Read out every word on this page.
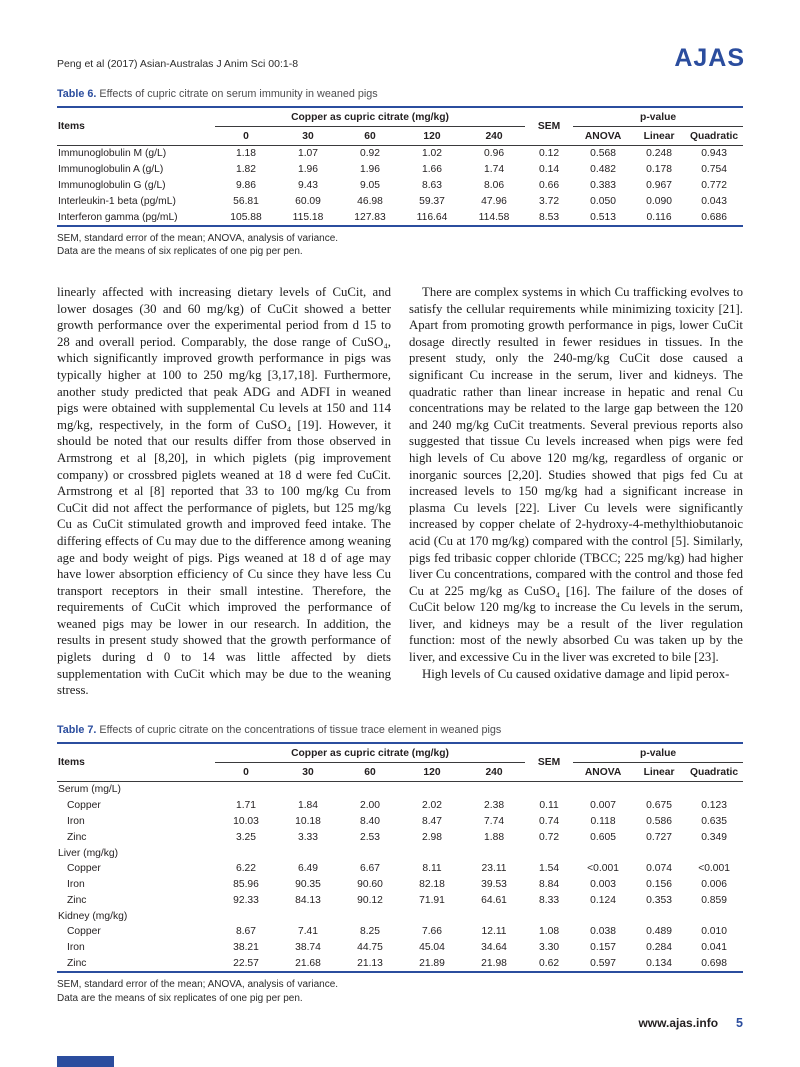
Peng et al (2017) Asian-Australas J Anim Sci 00:1-8	AJAS

Table 6. Effects of cupric citrate on serum immunity in weaned pigs

Items	Copper as cupric citrate (mg/kg)					SEM	p-value		
	0	30	60	120	240		ANOVA	Linear	Quadratic
Immunoglobulin M (g/L)	1.18	1.07	0.92	1.02	0.96	0.12	0.568	0.248	0.943
Immunoglobulin A (g/L)	1.82	1.96	1.96	1.66	1.74	0.14	0.482	0.178	0.754
Immunoglobulin G (g/L)	9.86	9.43	9.05	8.63	8.06	0.66	0.383	0.967	0.772
Interleukin-1 beta (pg/mL)	56.81	60.09	46.98	59.37	47.96	3.72	0.050	0.090	0.043
Interferon gamma (pg/mL)	105.88	115.18	127.83	116.64	114.58	8.53	0.513	0.116	0.686
SEM, standard error of the mean; ANOVA, analysis of variance.
Data are the means of six replicates of one pig per pen.

linearly affected with increasing dietary levels of CuCit, and lower dosages (30 and 60 mg/kg) of CuCit showed a better growth performance over the experimental period from d 15 to 28 and overall period. Comparably, the dose range of CuSO₄, which significantly improved growth performance in pigs was typically higher at 100 to 250 mg/kg [3,17,18]. Furthermore, another study predicted that peak ADG and ADFI in weaned pigs were obtained with supplemental Cu levels at 150 and 114 mg/kg, respectively, in the form of CuSO₄ [19]. However, it should be noted that our results differ from those observed in Armstrong et al [8,20], in which piglets (pig improvement company) or crossbred piglets weaned at 18 d were fed CuCit. Armstrong et al [8] reported that 33 to 100 mg/kg Cu from CuCit did not affect the performance of piglets, but 125 mg/kg Cu as CuCit stimulated growth and improved feed intake. The differing effects of Cu may due to the difference among weaning age and body weight of pigs. Pigs weaned at 18 d of age may have lower absorption efficiency of Cu since they have less Cu transport receptors in their small intestine. Therefore, the requirements of CuCit which improved the performance of weaned pigs may be lower in our research. In addition, the results in present study showed that the growth performance of piglets during d 0 to 14 was little affected by diets supplementation with CuCit which may be due to the weaning stress.

There are complex systems in which Cu trafficking evolves to satisfy the cellular requirements while minimizing toxicity [21]. Apart from promoting growth performance in pigs, lower CuCit dosage directly resulted in fewer residues in tissues. In the present study, only the 240-mg/kg CuCit dose caused a significant Cu increase in the serum, liver and kidneys. The quadratic rather than linear increase in hepatic and renal Cu concentrations may be related to the large gap between the 120 and 240 mg/kg CuCit treatments. Several previous reports also suggested that tissue Cu levels increased when pigs were fed high levels of Cu above 120 mg/kg, regardless of organic or inorganic sources [2,20]. Studies showed that pigs fed Cu at increased levels to 150 mg/kg had a significant increase in plasma Cu levels [22]. Liver Cu levels were significantly increased by copper chelate of 2-hydroxy-4-methylthiobutanoic acid (Cu at 170 mg/kg) compared with the control [5]. Similarly, pigs fed tribasic copper chloride (TBCC; 225 mg/kg) had higher liver Cu concentrations, compared with the control and those fed Cu at 225 mg/kg as CuSO₄ [16]. The failure of the doses of CuCit below 120 mg/kg to increase the Cu levels in the serum, liver, and kidneys may be a result of the liver regulation function: most of the newly absorbed Cu was taken up by the liver, and excessive Cu in the liver was excreted to bile [23].

High levels of Cu caused oxidative damage and lipid perox-

Table 7. Effects of cupric citrate on the concentrations of tissue trace element in weaned pigs

Items	Copper as cupric citrate (mg/kg)					SEM	p-value		
	0	30	60	120	240		ANOVA	Linear	Quadratic
Serum (mg/L)									
Copper	1.71	1.84	2.00	2.02	2.38	0.11	0.007	0.675	0.123
Iron	10.03	10.18	8.40	8.47	7.74	0.74	0.118	0.586	0.635
Zinc	3.25	3.33	2.53	2.98	1.88	0.72	0.605	0.727	0.349
Liver (mg/kg)									
Copper	6.22	6.49	6.67	8.11	23.11	1.54	<0.001	0.074	<0.001
Iron	85.96	90.35	90.60	82.18	39.53	8.84	0.003	0.156	0.006
Zinc	92.33	84.13	90.12	71.91	64.61	8.33	0.124	0.353	0.859
Kidney (mg/kg)									
Copper	8.67	7.41	8.25	7.66	12.11	1.08	0.038	0.489	0.010
Iron	38.21	38.74	44.75	45.04	34.64	3.30	0.157	0.284	0.041
Zinc	22.57	21.68	21.13	21.89	21.98	0.62	0.597	0.134	0.698
SEM, standard error of the mean; ANOVA, analysis of variance.
Data are the means of six replicates of one pig per pen.
www.ajas.info 5
